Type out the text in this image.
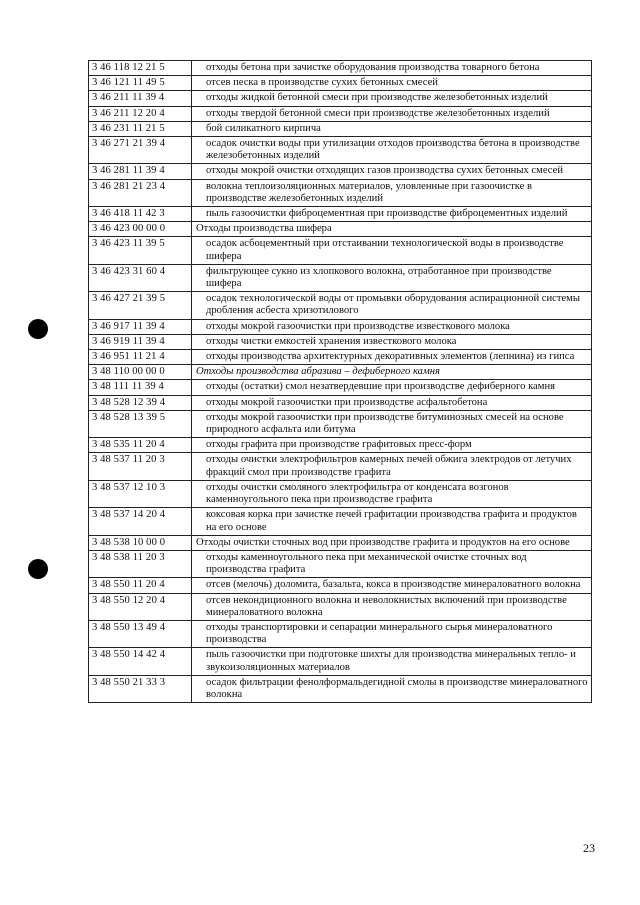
3 46 118 12 21 5	отходы бетона при зачистке оборудования производства товарного бетона
3 46 121 11 49 5	отсев песка в производстве сухих бетонных смесей
3 46 211 11 39 4	отходы жидкой бетонной смеси при производстве железобетонных изделий
3 46 211 12 20 4	отходы твердой бетонной смеси при производстве железобетонных изделий
3 46 231 11 21 5	бой силикатного кирпича
3 46 271 21 39 4	осадок очистки воды при утилизации отходов производства бетона в производстве железобетонных изделий
3 46 281 11 39 4	отходы мокрой очистки отходящих газов производства сухих бетонных смесей
3 46 281 21 23 4	волокна теплоизоляционных материалов, уловленные при газоочистке в производстве железобетонных изделий
3 46 418 11 42 3	пыль газоочистки фиброцементная при производстве фиброцементных изделий
3 46 423 00 00 0	Отходы производства шифера
3 46 423 11 39 5	осадок асбоцементный при отстаивании технологической воды в производстве шифера
3 46 423 31 60 4	фильтрующее сукно из хлопкового волокна, отработанное при производстве шифера
3 46 427 21 39 5	осадок технологической воды от промывки оборудования аспирационной системы дробления асбеста хризотилового
3 46 917 11 39 4	отходы мокрой газоочистки при производстве известкового молока
3 46 919 11 39 4	отходы чистки емкостей хранения известкового молока
3 46 951 11 21 4	отходы производства архитектурных декоративных элементов (лепнина) из гипса
3 48 110 00 00 0	Отходы производства абразива – дефиберного камня
3 48 111 11 39 4	отходы (остатки) смол незатвердевшие при производстве дефиберного камня
3 48 528 12 39 4	отходы мокрой газоочистки при производстве асфальтобетона
3 48 528 13 39 5	отходы мокрой газоочистки при производстве битуминозных смесей на основе природного асфальта или битума
3 48 535 11 20 4	отходы графита при производстве графитовых пресс-форм
3 48 537 11 20 3	отходы очистки электрофильтров камерных печей обжига электродов от летучих фракций смол при производстве графита
3 48 537 12 10 3	отходы очистки смоляного электрофильтра от конденсата возгонов каменноугольного пека при производстве графита
3 48 537 14 20 4	коксовая корка при зачистке печей графитации производства графита и продуктов на его основе
3 48 538 10 00 0	Отходы очистки сточных вод при производстве графита и продуктов на его основе
3 48 538 11 20 3	отходы каменноугольного пека при механической очистке сточных вод производства графита
3 48 550 11 20 4	отсев (мелочь) доломита, базальта, кокса в производстве минераловатного волокна
3 48 550 12 20 4	отсев некондиционного волокна и неволокнистых включений при производстве минераловатного волокна
3 48 550 13 49 4	отходы транспортировки и сепарации минерального сырья минераловатного производства
3 48 550 14 42 4	пыль газоочистки при подготовке шихты для производства минеральных тепло- и звукоизоляционных материалов
3 48 550 21 33 3	осадок фильтрации фенолформальдегидной смолы в производстве минераловатного волокна
23
